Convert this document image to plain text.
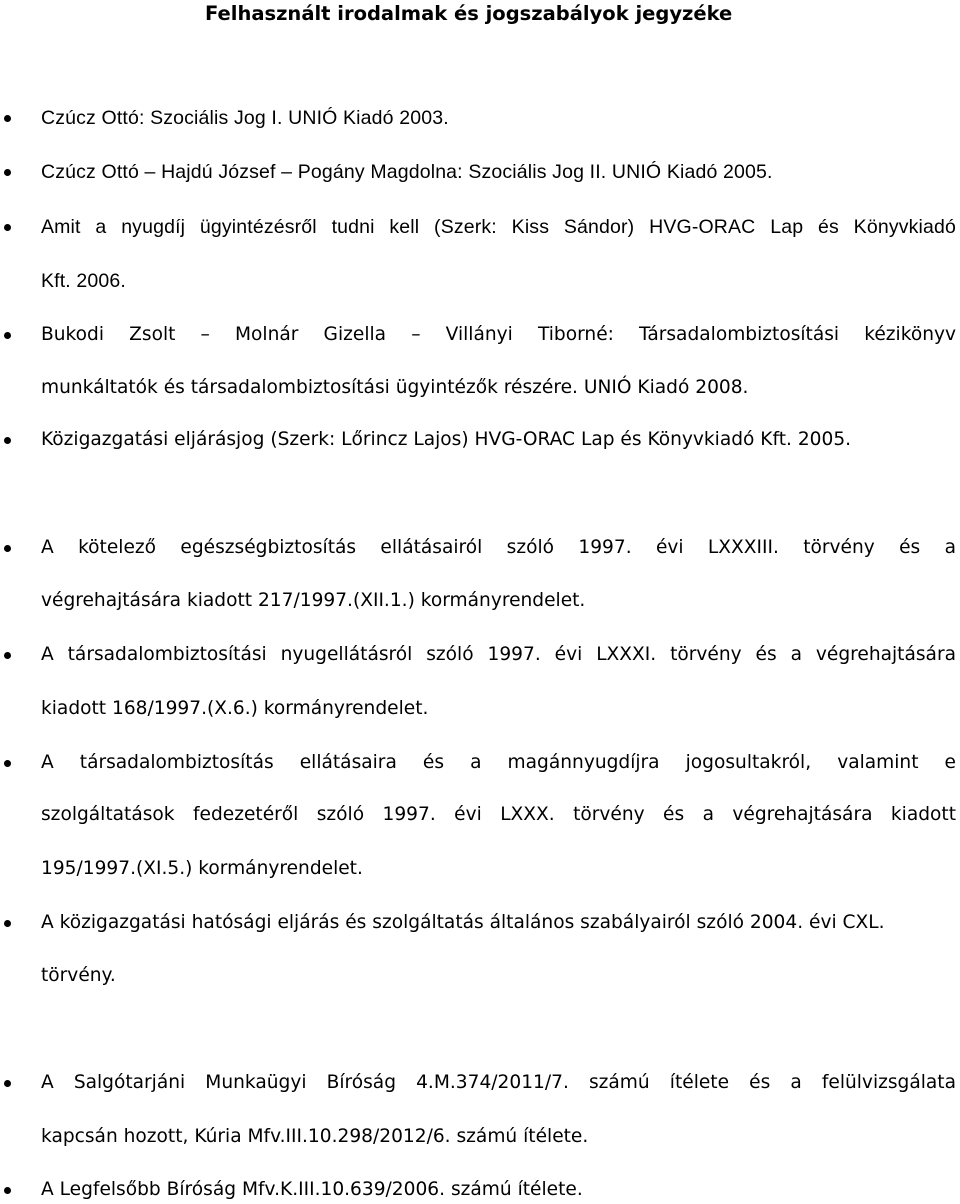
Felhasznált irodalmak és jogszabályok jegyzéke
Czúcz Ottó: Szociális Jog I. UNIÓ Kiadó 2003.
Czúcz Ottó – Hajdú József – Pogány Magdolna: Szociális Jog II. UNIÓ Kiadó 2005.
Amit a nyugdíj ügyintézésről tudni kell (Szerk: Kiss Sándor) HVG-ORAC Lap és Könyvkiadó
Kft. 2006.
Bukodi Zsolt – Molnár Gizella – Villányi Tiborné: Társadalombiztosítási kézikönyv
munkáltatók és társadalombiztosítási ügyintézők részére. UNIÓ Kiadó 2008.
Közigazgatási eljárásjog (Szerk: Lőrincz Lajos) HVG-ORAC Lap és Könyvkiadó Kft. 2005.
A kötelező egészségbiztosítás ellátásairól szóló 1997. évi LXXXIII. törvény és a
végrehajtására kiadott 217/1997.(XII.1.) kormányrendelet.
A társadalombiztosítási nyugellátásról szóló 1997. évi LXXXI. törvény és a végrehajtására
kiadott 168/1997.(X.6.) kormányrendelet.
A társadalombiztosítás ellátásaira és a magánnyugdíjra jogosultakról, valamint e
szolgáltatások fedezetéről szóló 1997. évi LXXX. törvény és a végrehajtására kiadott
195/1997.(XI.5.) kormányrendelet.
A közigazgatási hatósági eljárás és szolgáltatás általános szabályairól szóló 2004. évi CXL.
törvény.
A Salgótarjáni Munkaügyi Bíróság 4.M.374/2011/7. számú ítélete és a felülvizsgálata
kapcsán hozott, Kúria Mfv.III.10.298/2012/6. számú ítélete.
A Legfelsőbb Bíróság Mfv.K.III.10.639/2006. számú ítélete.
